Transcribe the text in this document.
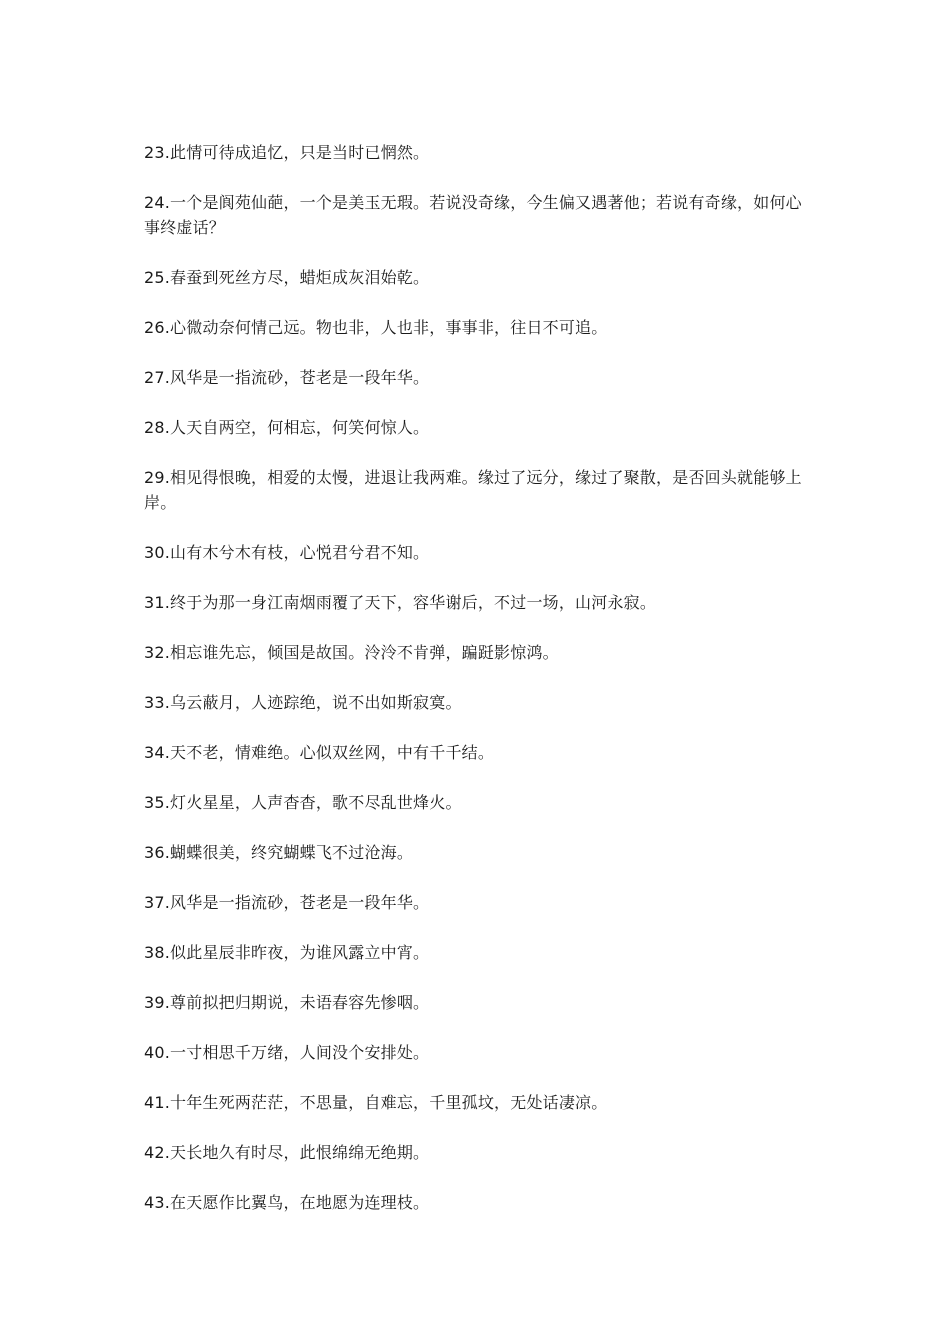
23.此情可待成追忆，只是当时已惘然。

24.一个是阆苑仙葩，一个是美玉无瑕。若说没奇缘，今生偏又遇著他；若说有奇缘，如何心事终虚话？

25.春蚕到死丝方尽，蜡炬成灰泪始乾。

26.心微动奈何情己远。物也非，人也非，事事非，往日不可追。

27.风华是一指流砂，苍老是一段年华。

28.人天自两空，何相忘，何笑何惊人。

29.相见得恨晚，相爱的太慢，进退让我两难。缘过了远分，缘过了聚散，是否回头就能够上岸。

30.山有木兮木有枝，心悦君兮君不知。

31.终于为那一身江南烟雨覆了天下，容华谢后，不过一场，山河永寂。

32.相忘谁先忘，倾国是故国。泠泠不肯弹，蹁跹影惊鸿。

33.乌云蔽月，人迹踪绝，说不出如斯寂寞。

34.天不老，情难绝。心似双丝网，中有千千结。

35.灯火星星，人声杳杳，歌不尽乱世烽火。

36.蝴蝶很美，终究蝴蝶飞不过沧海。

37.风华是一指流砂，苍老是一段年华。

38.似此星辰非昨夜，为谁风露立中宵。

39.尊前拟把归期说，未语春容先惨咽。

40.一寸相思千万绪，人间没个安排处。

41.十年生死两茫茫，不思量，自难忘，千里孤坟，无处话凄凉。

42.天长地久有时尽，此恨绵绵无绝期。

43.在天愿作比翼鸟，在地愿为连理枝。
